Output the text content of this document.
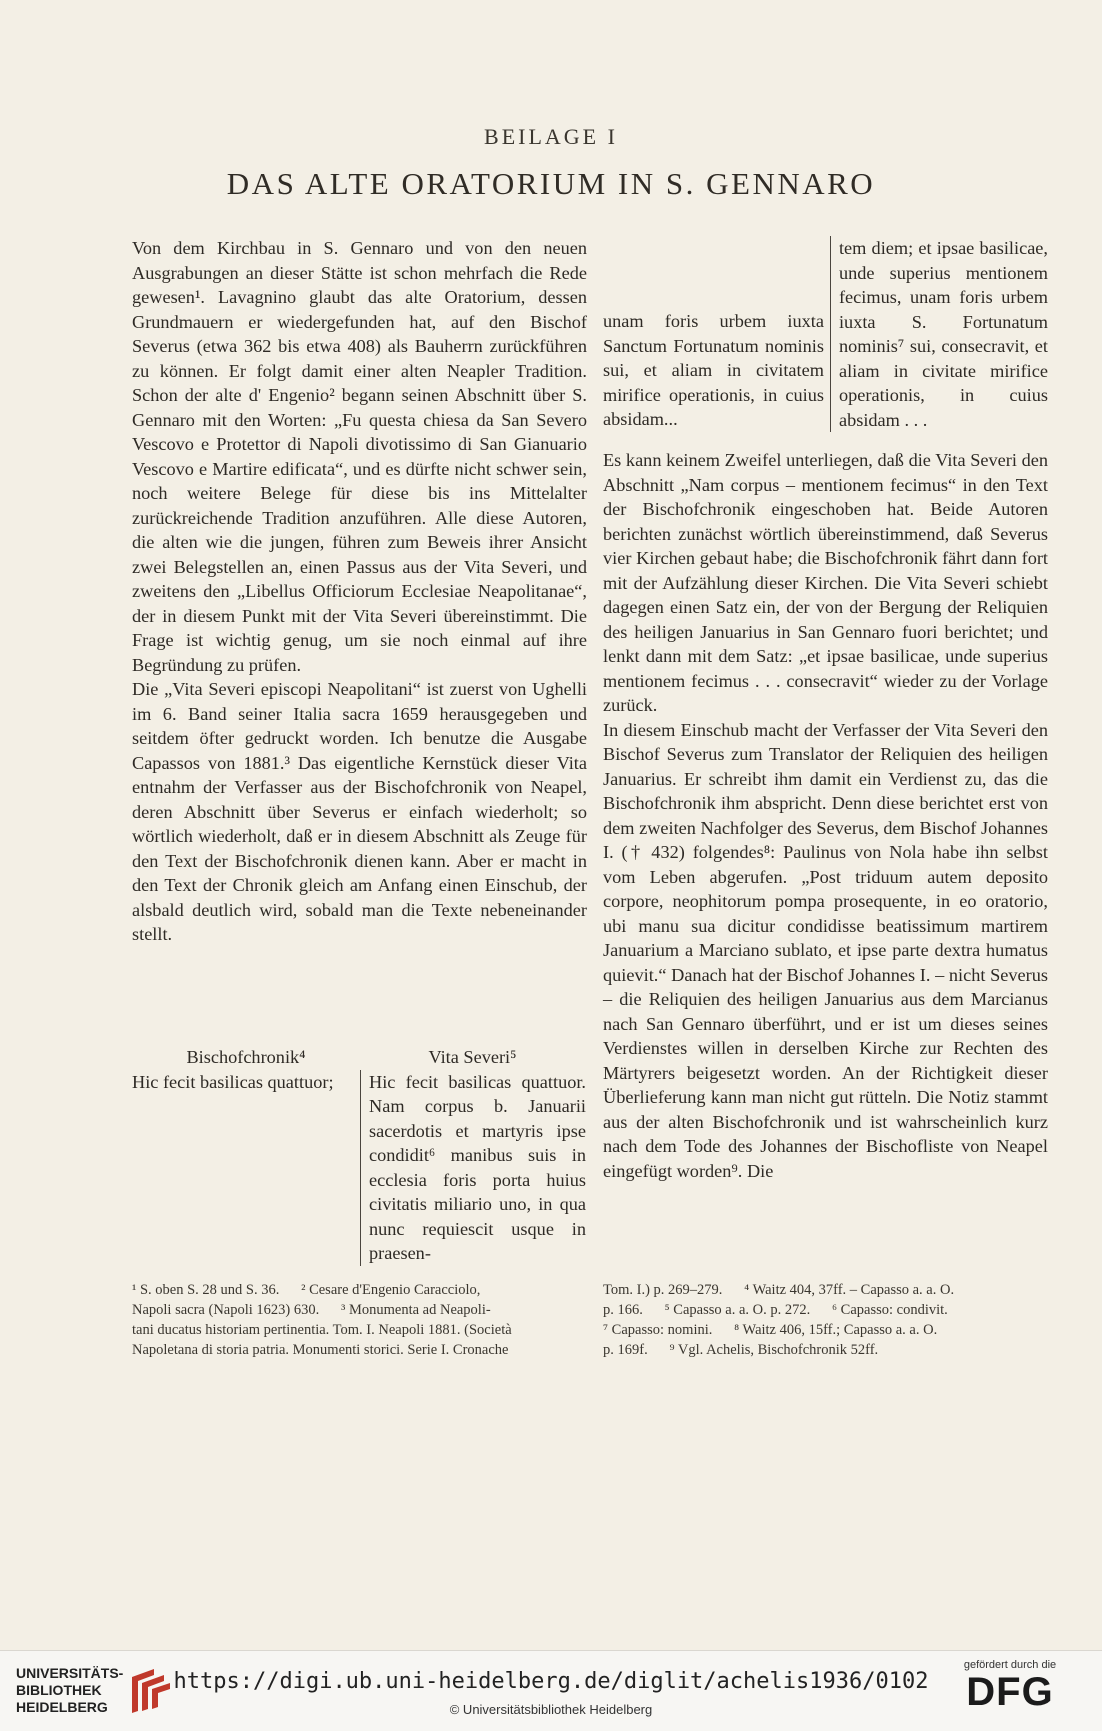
BEILAGE I
DAS ALTE ORATORIUM IN S. GENNARO

Von dem Kirchbau in S. Gennaro und von den neuen Ausgrabungen an dieser Stätte ist schon mehrfach die Rede gewesen¹. Lavagnino glaubt das alte Oratorium, dessen Grundmauern er wiedergefunden hat, auf den Bischof Severus (etwa 362 bis etwa 408) als Bauherrn zurückführen zu können. Er folgt damit einer alten Neapler Tradition. Schon der alte d' Engenio² begann seinen Abschnitt über S. Gennaro mit den Worten: „Fu questa chiesa da San Severo Vescovo e Protettor di Napoli divotissimo di San Gianuario Vescovo e Martire edificata“, und es dürfte nicht schwer sein, noch weitere Belege für diese bis ins Mittelalter zurückreichende Tradition anzuführen. Alle diese Autoren, die alten wie die jungen, führen zum Beweis ihrer Ansicht zwei Belegstellen an, einen Passus aus der Vita Severi, und zweitens den „Libellus Officiorum Ecclesiae Neapolitanae“, der in diesem Punkt mit der Vita Severi übereinstimmt. Die Frage ist wichtig genug, um sie noch einmal auf ihre Begründung zu prüfen.

Die „Vita Severi episcopi Neapolitani“ ist zuerst von Ughelli im 6. Band seiner Italia sacra 1659 herausgegeben und seitdem öfter gedruckt worden. Ich benutze die Ausgabe Capassos von 1881.³ Das eigentliche Kernstück dieser Vita entnahm der Verfasser aus der Bischofchronik von Neapel, deren Abschnitt über Severus er einfach wiederholt; so wörtlich wiederholt, daß er in diesem Abschnitt als Zeuge für den Text der Bischofchronik dienen kann. Aber er macht in den Text der Chronik gleich am Anfang einen Einschub, der alsbald deutlich wird, sobald man die Texte nebeneinander stellt.

Bischofchronik⁴	Vita Severi⁵
Hic fecit basilicas quattuor;	Hic fecit basilicas quattuor. Nam corpus b. Januarii sacerdotis et martyris ipse condidit⁶ manibus suis in ecclesia foris porta huius civitatis miliario uno, in qua nunc requiescit usque in praesen-
unam foris urbem iuxta Sanctum Fortunatum nominis sui, et aliam in civitatem mirifice operationis, in cuius absidam...
tem diem; et ipsae basilicae, unde superius mentionem fecimus, unam foris urbem iuxta S. Fortunatum nominis⁷ sui, consecravit, et aliam in civitate mirifice operationis, in cuius absidam . . .

Es kann keinem Zweifel unterliegen, daß die Vita Severi den Abschnitt „Nam corpus – mentionem fecimus“ in den Text der Bischofchronik eingeschoben hat. Beide Autoren berichten zunächst wörtlich übereinstimmend, daß Severus vier Kirchen gebaut habe; die Bischofchronik fährt dann fort mit der Aufzählung dieser Kirchen. Die Vita Severi schiebt dagegen einen Satz ein, der von der Bergung der Reliquien des heiligen Januarius in San Gennaro fuori berichtet; und lenkt dann mit dem Satz: „et ipsae basilicae, unde superius mentionem fecimus . . . consecravit“ wieder zu der Vorlage zurück.

In diesem Einschub macht der Verfasser der Vita Severi den Bischof Severus zum Translator der Reliquien des heiligen Januarius. Er schreibt ihm damit ein Verdienst zu, das die Bischofchronik ihm abspricht. Denn diese berichtet erst von dem zweiten Nachfolger des Severus, dem Bischof Johannes I. († 432) folgendes⁸: Paulinus von Nola habe ihn selbst vom Leben abgerufen. „Post triduum autem deposito corpore, neophitorum pompa prosequente, in eo oratorio, ubi manu sua dicitur condidisse beatissimum martirem Januarium a Marciano sublato, et ipse parte dextra humatus quievit.“ Danach hat der Bischof Johannes I. – nicht Severus – die Reliquien des heiligen Januarius aus dem Marcianus nach San Gennaro überführt, und er ist um dieses seines Verdienstes willen in derselben Kirche zur Rechten des Märtyrers beigesetzt worden. An der Richtigkeit dieser Überlieferung kann man nicht gut rütteln. Die Notiz stammt aus der alten Bischofchronik und ist wahrscheinlich kurz nach dem Tode des Johannes der Bischofliste von Neapel eingefügt worden⁹. Die

¹ S. oben S. 28 und S. 36.      ² Cesare d'Engenio Caracciolo,
Napoli sacra (Napoli 1623) 630.      ³ Monumenta ad Neapoli-
tani ducatus historiam pertinentia. Tom. I. Neapoli 1881. (Società
Napoletana di storia patria. Monumenti storici. Serie I. Cronache
Tom. I.) p. 269–279.      ⁴ Waitz 404, 37ff. – Capasso a. a. O.
p. 166.      ⁵ Capasso a. a. O. p. 272.      ⁶ Capasso: condivit.
⁷ Capasso: nomini.      ⁸ Waitz 406, 15ff.; Capasso a. a. O.
p. 169f.      ⁹ Vgl. Achelis, Bischofchronik 52ff.
UNIVERSITÄTS-
BIBLIOTHEK
HEIDELBERG
https://digi.ub.uni-heidelberg.de/diglit/achelis1936/0102
© Universitätsbibliothek Heidelberg
gefördert durch die
DFG
